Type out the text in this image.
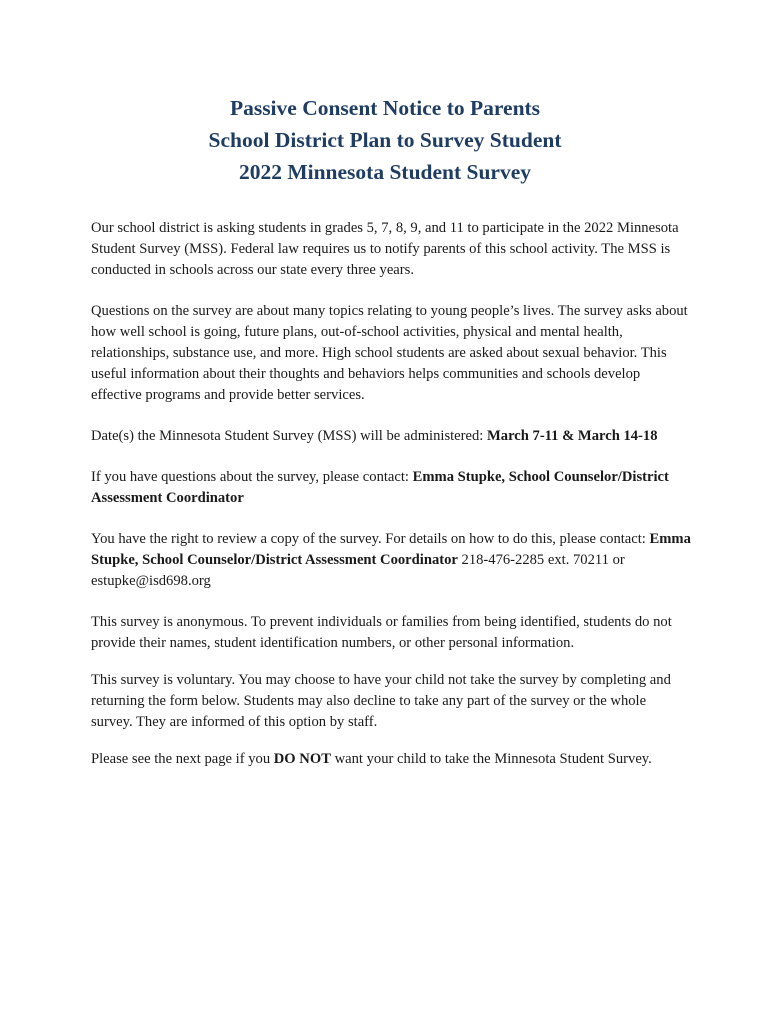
Passive Consent Notice to Parents
School District Plan to Survey Student
2022 Minnesota Student Survey

Our school district is asking students in grades 5, 7, 8, 9, and 11 to participate in the 2022 Minnesota Student Survey (MSS). Federal law requires us to notify parents of this school activity. The MSS is conducted in schools across our state every three years.

Questions on the survey are about many topics relating to young people’s lives. The survey asks about how well school is going, future plans, out-of-school activities, physical and mental health, relationships, substance use, and more. High school students are asked about sexual behavior. This useful information about their thoughts and behaviors helps communities and schools develop effective programs and provide better services.

Date(s) the Minnesota Student Survey (MSS) will be administered: March 7-11 & March 14-18

If you have questions about the survey, please contact: Emma Stupke, School Counselor/District Assessment Coordinator

You have the right to review a copy of the survey. For details on how to do this, please contact: Emma Stupke, School Counselor/District Assessment Coordinator 218-476-2285 ext. 70211 or estupke@isd698.org

This survey is anonymous. To prevent individuals or families from being identified, students do not provide their names, student identification numbers, or other personal information.

This survey is voluntary. You may choose to have your child not take the survey by completing and returning the form below. Students may also decline to take any part of the survey or the whole survey. They are informed of this option by staff.

Please see the next page if you DO NOT want your child to take the Minnesota Student Survey.
